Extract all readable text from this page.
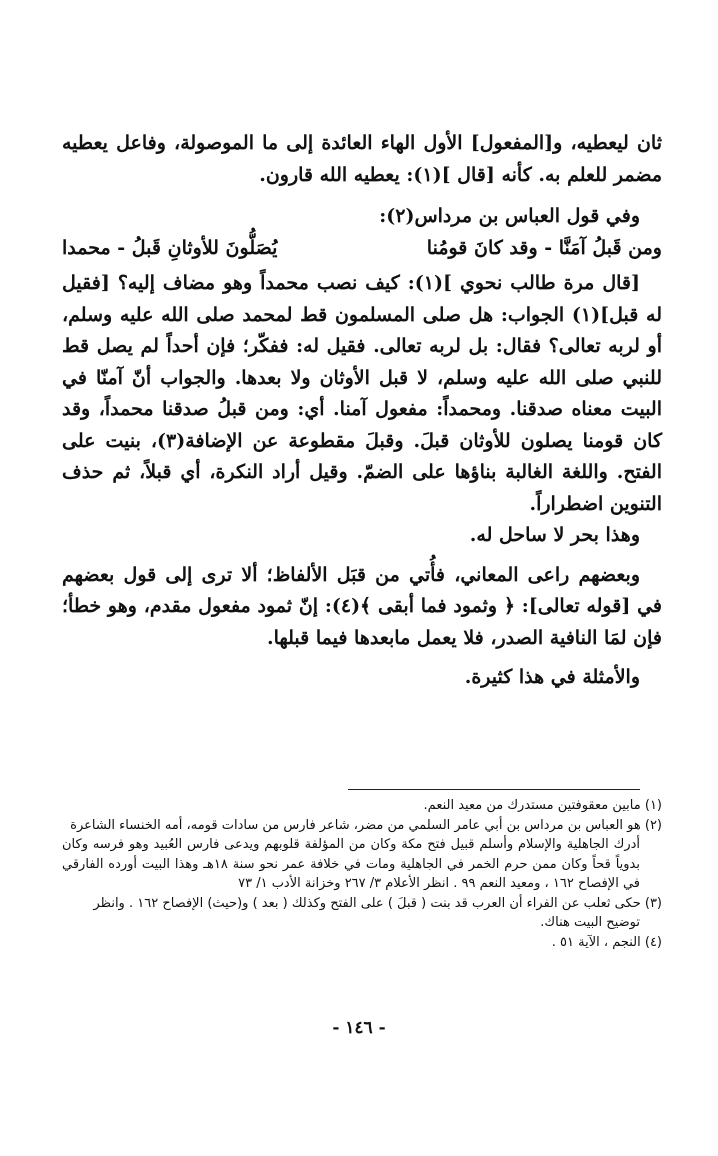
ثان ليعطيه، و[المفعول] الأول الهاء العائدة إلى ما الموصولة، وفاعل يعطيه مضمر للعلم به. كأنه [قال ](١): يعطيه الله قارون.

وفي قول العباس بن مرداس(٢):

ومن قَبلُ آمَنَّا - وقد كانَ قومُنا
يُصَلُّونَ للأوثانِ قَبلُ - محمدا

[قال مرة طالب نحوي ](١): كيف نصب محمداً وهو مضاف إليه؟ [فقيل له قبل](١) الجواب: هل صلى المسلمون قط لمحمد صلى الله عليه وسلم، أو لربه تعالى؟ فقال: بل لربه تعالى. فقيل له: ففكّر؛ فإن أحداً لم يصل قط للنبي صلى الله عليه وسلم، لا قبل الأوثان ولا بعدها. والجواب أنّ آمنّا في البيت معناه صدقنا. ومحمداً: مفعول آمنا. أي: ومن قبلُ صدقنا محمداً، وقد كان قومنا يصلون للأوثان قبلَ. وقبلَ مقطوعة عن الإضافة(٣)، بنيت على الفتح. واللغة الغالبة بناؤها على الضمّ. وقيل أراد النكرة، أي قبلاً، ثم حذف التنوين اضطراراً.

وهذا بحر لا ساحل له.

وبعضهم راعى المعاني، فأُتي من قبَل الألفاظ؛ ألا ترى إلى قول بعضهم في [قوله تعالى]: ﴿ وثمود فما أبقى ﴾(٤): إنّ ثمود مفعول مقدم، وهو خطأ؛ فإن لمَا النافية الصدر، فلا يعمل مابعدها فيما قبلها.

والأمثلة في هذا كثيرة.

(١) مابين معقوفتين مستدرك من معيد النعم.

(٢) هو العباس بن مرداس بن أبي عامر السلمي من مضر، شاعر فارس من سادات قومه، أمه الخنساء الشاعرة

أدرك الجاهلية والإسلام وأسلم قبيل فتح مكة وكان من المؤلفة قلوبهم ويدعى فارس العُبيد وهو فرسه وكان بدوياً قحاً وكان ممن حرم الخمر في الجاهلية ومات في خلافة عمر نحو سنة ١٨هـ وهذا البيت أورده الفارقي في الإفصاح ١٦٢ ، ومعيد النعم ٩٩ . انظر الأعلام ٣/ ٢٦٧ وخزانة الأدب ١/ ٧٣

(٣) حكى ثعلب عن الفراء أن العرب قد بنت ( قبلَ ) على الفتح وكذلك ( بعد ) و(حيث) الإفصاح ١٦٢ . وانظر

توضيح البيت هناك.

(٤) النجم ، الآية ٥١ .

- ١٤٦ -
